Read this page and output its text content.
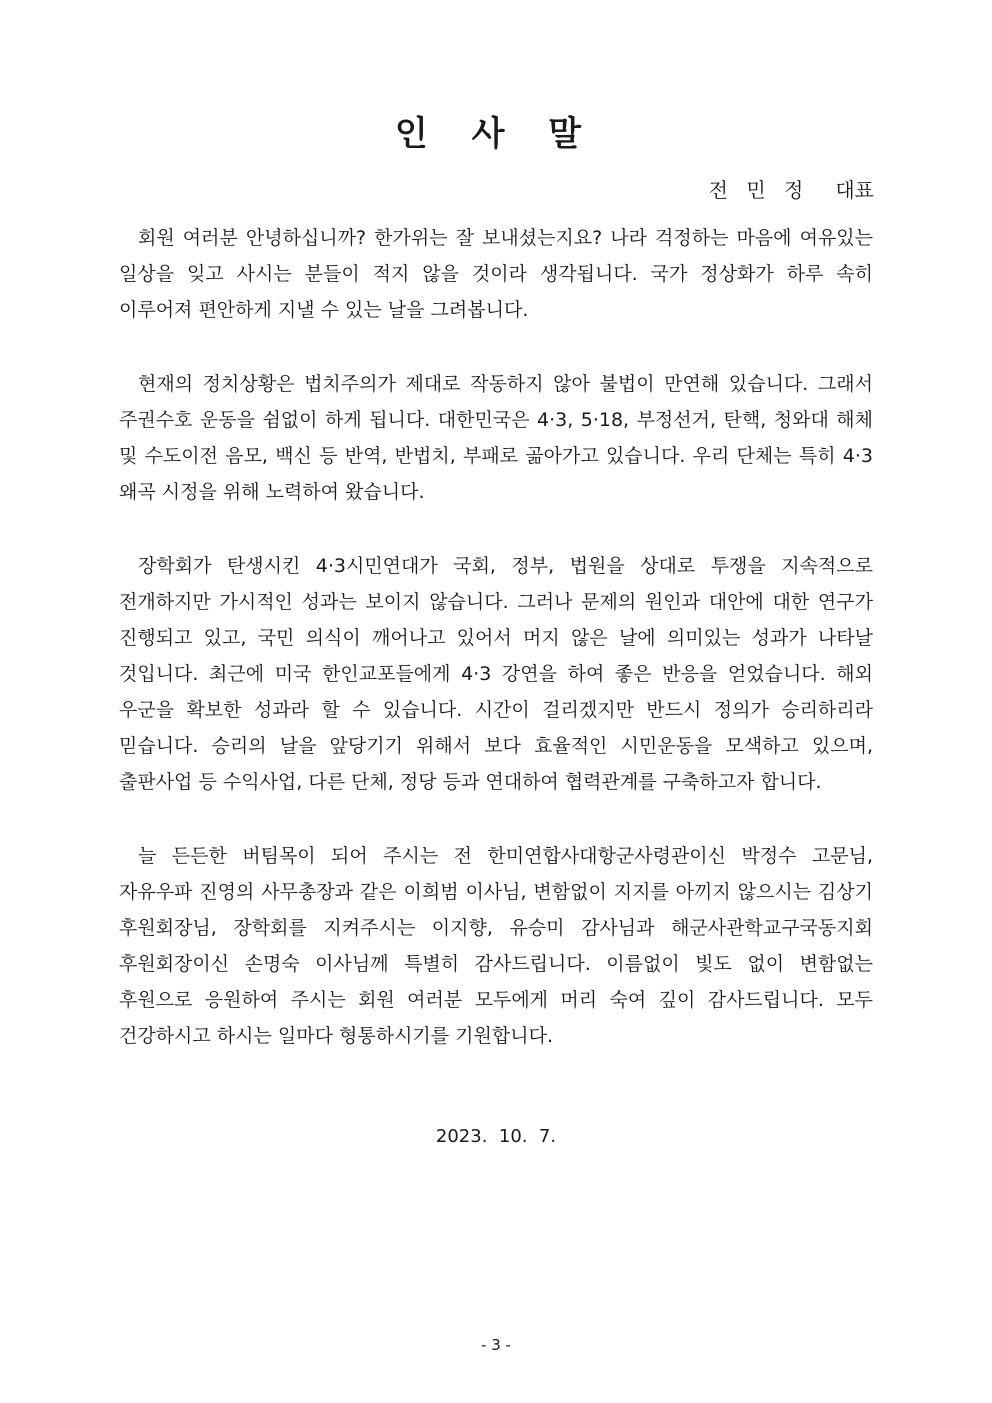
인 사 말
전 민 정 대표

회원 여러분 안녕하십니까? 한가위는 잘 보내셨는지요? 나라 걱정하는 마음에 여유있는 일상을 잊고 사시는 분들이 적지 않을 것이라 생각됩니다. 국가 정상화가 하루 속히 이루어져 편안하게 지낼 수 있는 날을 그려봅니다.

현재의 정치상황은 법치주의가 제대로 작동하지 않아 불법이 만연해 있습니다. 그래서 주권수호 운동을 쉼없이 하게 됩니다. 대한민국은 4·3, 5·18, 부정선거, 탄핵, 청와대 해체 및 수도이전 음모, 백신 등 반역, 반법치, 부패로 곪아가고 있습니다. 우리 단체는 특히 4·3 왜곡 시정을 위해 노력하여 왔습니다.

장학회가 탄생시킨 4·3시민연대가 국회, 정부, 법원을 상대로 투쟁을 지속적으로 전개하지만 가시적인 성과는 보이지 않습니다. 그러나 문제의 원인과 대안에 대한 연구가 진행되고 있고, 국민 의식이 깨어나고 있어서 머지 않은 날에 의미있는 성과가 나타날 것입니다. 최근에 미국 한인교포들에게 4·3 강연을 하여 좋은 반응을 얻었습니다. 해외 우군을 확보한 성과라 할 수 있습니다. 시간이 걸리겠지만 반드시 정의가 승리하리라 믿습니다. 승리의 날을 앞당기기 위해서 보다 효율적인 시민운동을 모색하고 있으며, 출판사업 등 수익사업, 다른 단체, 정당 등과 연대하여 협력관계를 구축하고자 합니다.

늘 든든한 버팀목이 되어 주시는 전 한미연합사대항군사령관이신 박정수 고문님, 자유우파 진영의 사무총장과 같은 이희범 이사님, 변함없이 지지를 아끼지 않으시는 김상기 후원회장님, 장학회를 지켜주시는 이지향, 유승미 감사님과 해군사관학교구국동지회 후원회장이신 손명숙 이사님께 특별히 감사드립니다. 이름없이 빛도 없이 변함없는 후원으로 응원하여 주시는 회원 여러분 모두에게 머리 숙여 깊이 감사드립니다. 모두 건강하시고 하시는 일마다 형통하시기를 기원합니다.

2023.  10.  7.
- 3 -
